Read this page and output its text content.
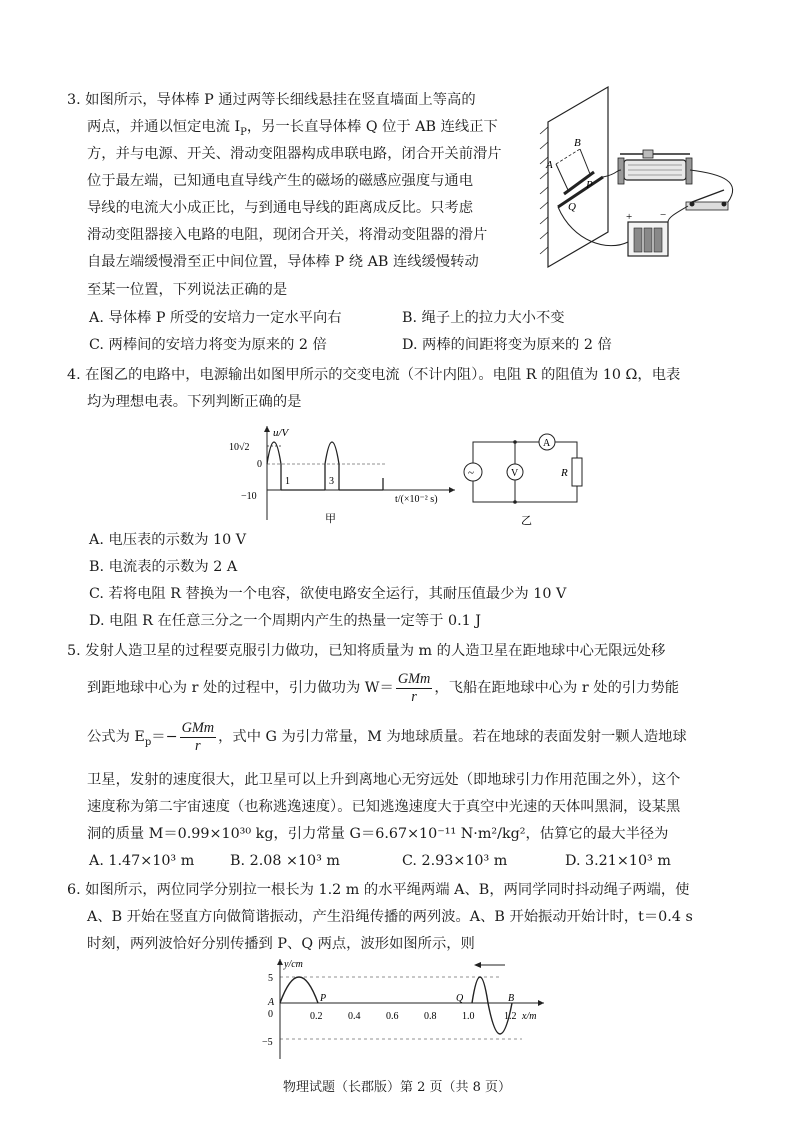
3. 如图所示，导体棒 P 通过两等长细线悬挂在竖直墙面上等高的
两点，并通以恒定电流 $I_P$，另一长直导体棒 Q 位于 AB 连线正下
方，并与电源、开关、滑动变阻器构成串联电路，闭合开关前滑片
位于最左端，已知通电直导线产生的磁场的磁感应强度与通电
导线的电流大小成正比，与到通电导线的距离成反比。只考虑
滑动变阻器接入电路的电阻，现闭合开关，将滑动变阻器的滑片
自最左端缓慢滑至正中间位置，导体棒 P 绕 AB 连线缓慢转动
至某一位置，下列说法正确的是
A
B
P
Q
+	−
A. 导体棒 P 所受的安培力一定水平向右	B. 绳子上的拉力大小不变
C. 两棒间的安培力将变为原来的 2 倍	D. 两棒的间距将变为原来的 2 倍
4. 在图乙的电路中，电源输出如图甲所示的交变电流（不计内阻）。电阻 R 的阻值为 10 Ω，电表
均为理想电表。下列判断正确的是
u/V
10√2
0
−10
1	3
t/(×10⁻² s)
甲
~
A
V	R
乙
A. 电压表的示数为 10 V
B. 电流表的示数为 2 A
C. 若将电阻 R 替换为一个电容，欲使电路安全运行，其耐压值最少为 10 V
D. 电阻 R 在任意三分之一个周期内产生的热量一定等于 0.1 J
5. 发射人造卫星的过程要克服引力做功，已知将质量为 m 的人造卫星在距地球中心无限远处移
到距地球中心为 r 处的过程中，引力做功为 $W= \frac{\text{GMm}}{r}$ ，飞船在距地球中心为 r 处的引力势能
公式为 $E_p=- \frac{\text{GMm}}{r}$ ，式中 G 为引力常量，M 为地球质量。若在地球的表面发射一颗人造地球
卫星，发射的速度很大，此卫星可以上升到离地心无穷远处（即地球引力作用范围之外），这个
速度称为第二宇宙速度（也称逃逸速度）。已知逃逸速度大于真空中光速的天体叫黑洞，设某黑
洞的质量 M＝0.99×10³⁰ kg，引力常量 G＝6.67×10⁻¹¹ N·m²/kg²，估算它的最大半径为
A. 1.47×10³ m B. 2.08 ×10³ m	C. 2.93×10³ m	D. 3.21×10³ m
6. 如图所示，两位同学分别拉一根长为 1.2 m 的水平绳两端 A、B，两同学同时抖动绳子两端，使
A、B 开始在竖直方向做简谐振动，产生沿绳传播的两列波。A、B 开始振动开始计时，t＝0.4 s
时刻，两列波恰好分别传播到 P、Q 两点，波形如图所示，则
y/cm
5
0
−5
A	P	Q	B
0.2	0.4	0.6	0.8	1.0	1.2 x/m
物理试题（长郡版）第 2 页（共 8 页）
